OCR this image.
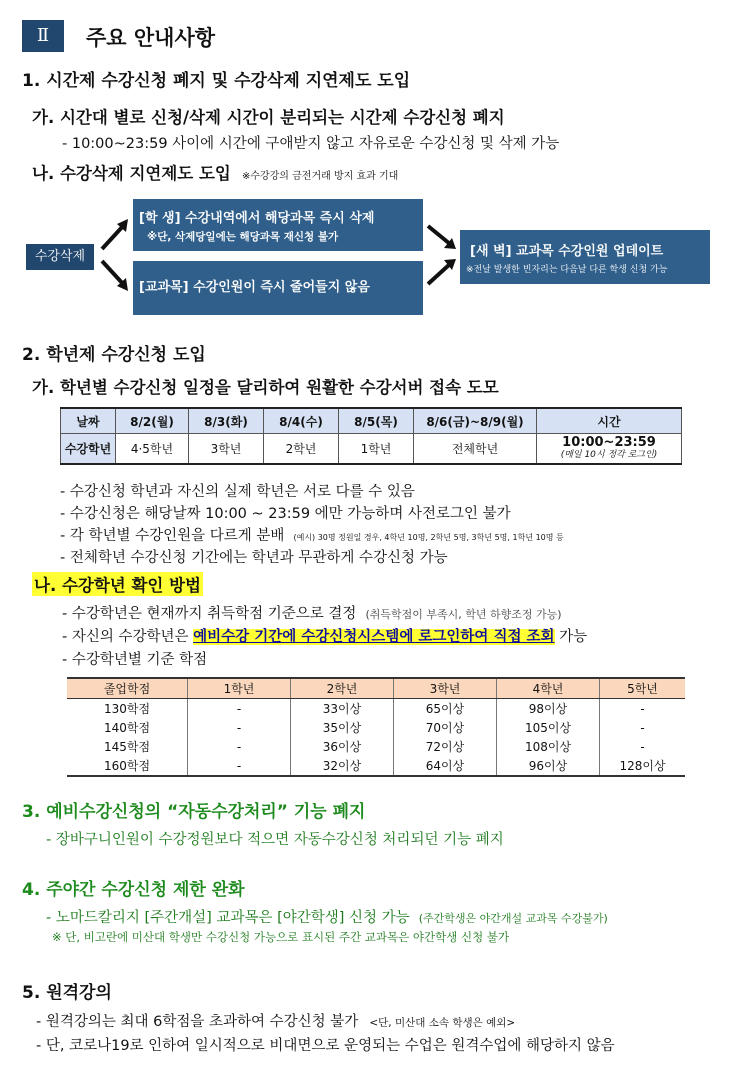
Ⅱ	주요 안내사항
1. 시간제 수강신청 폐지 및 수강삭제 지연제도 도입
가. 시간대 별로 신청/삭제 시간이 분리되는 시간제 수강신청 폐지
- 10:00~23:59 사이에 시간에 구애받지 않고 자유로운 수강신청 및 삭제 가능
나. 수강삭제 지연제도 도입 ※수강강의 금전거래 방지 효과 기대
수강삭제
[학 생] 수강내역에서 해당과목 즉시 삭제
※단, 삭제당일에는 해당과목 재신청 불가
[교과목] 수강인원이 즉시 줄어들지 않음
[새 벽] 교과목 수강인원 업데이트
※전날 발생한 빈자리는 다음날 다른 학생 신청 가능
2. 학년제 수강신청 도입
가. 학년별 수강신청 일정을 달리하여 원활한 수강서버 접속 도모
날짜	8/2(월)	8/3(화)	8/4(수)	8/5(목)	8/6(금)~8/9(월)	시간
수강학년	4·5학년	3학년	2학년	1학년	전체학년	10:00~23:59
(매일 10시 정각 로그인)
- 수강신청 학년과 자신의 실제 학년은 서로 다를 수 있음
- 수강신청은 해당날짜 10:00 ~ 23:59 에만 가능하며 사전로그인 불가
- 각 학년별 수강인원을 다르게 분배 (예시) 30명 정원일 경우, 4학년 10명, 2학년 5명, 3학년 5명, 1학년 10명 등
- 전체학년 수강신청 기간에는 학년과 무관하게 수강신청 가능
나. 수강학년 확인 방법
- 수강학년은 현재까지 취득학점 기준으로 결정 (취득학점이 부족시, 학년 하향조정 가능)
- 자신의 수강학년은 예비수강 기간에 수강신청시스템에 로그인하여 직접 조회 가능
- 수강학년별 기준 학점
졸업학점	1학년	2학년	3학년	4학년	5학년
130학점	-	33이상	65이상	98이상	-
140학점	-	35이상	70이상	105이상	-
145학점	-	36이상	72이상	108이상	-
160학점	-	32이상	64이상	96이상	128이상
3. 예비수강신청의 “자동수강처리” 기능 폐지
- 장바구니인원이 수강정원보다 적으면 자동수강신청 처리되던 기능 폐지
4. 주야간 수강신청 제한 완화
- 노마드칼리지 [주간개설] 교과목은 [야간학생] 신청 가능 (주간학생은 야간개설 교과목 수강불가)
※ 단, 비고란에 미산대 학생만 수강신청 가능으로 표시된 주간 교과목은 야간학생 신청 불가
5. 원격강의
- 원격강의는 최대 6학점을 초과하여 수강신청 불가 <단, 미산대 소속 학생은 예외>
- 단, 코로나19로 인하여 일시적으로 비대면으로 운영되는 수업은 원격수업에 해당하지 않음
